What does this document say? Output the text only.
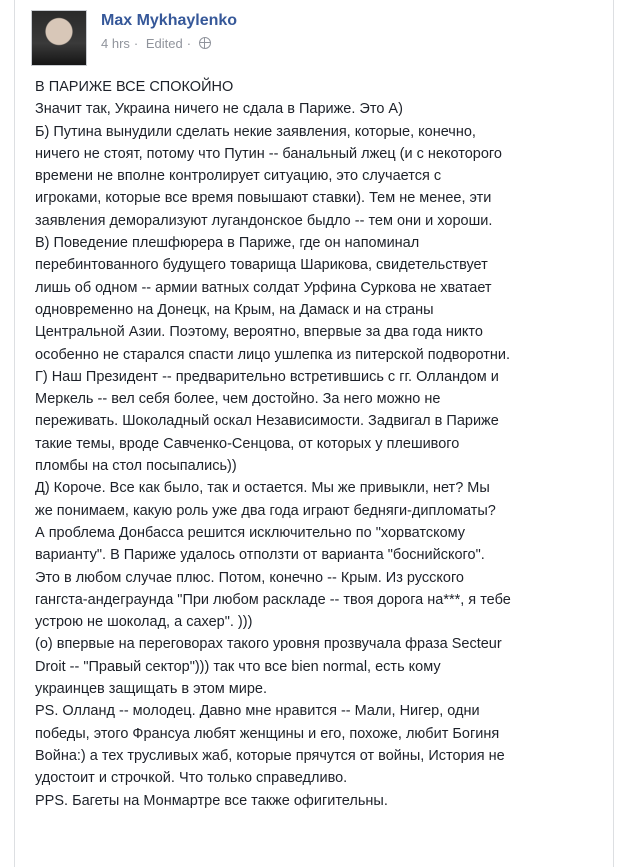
Max Mykhaylenko
4 hrs · Edited ·
В ПАРИЖЕ ВСЕ СПОКОЙНО
Значит так, Украина ничего не сдала в Париже. Это А)
Б) Путина вынудили сделать некие заявления, которые, конечно,
ничего не стоят, потому что Путин -- банальный лжец (и с некоторого
времени не вполне контролирует ситуацию, это случается с
игроками, которые все время повышают ставки). Тем не менее, эти
заявления деморализуют лугандонское быдло -- тем они и хороши.
В) Поведение плешфюрера в Париже, где он напоминал
перебинтованного будущего товарища Шарикова, свидетельствует
лишь об одном -- армии ватных солдат Урфина Суркова не хватает
одновременно на Донецк, на Крым, на Дамаск и на страны
Центральной Азии. Поэтому, вероятно, впервые за два года никто
особенно не старался спасти лицо ушлепка из питерской подворотни.
Г) Наш Президент -- предварительно встретившись с гг. Олландом и
Меркель -- вел себя более, чем достойно. За него можно не
переживать. Шоколадный оскал Независимости. Задвигал в Париже
такие темы, вроде Савченко-Сенцова, от которых у плешивого
пломбы на стол посыпались))
Д) Короче. Все как было, так и остается. Мы же привыкли, нет? Мы
же понимаем, какую роль уже два года играют бедняги-дипломаты?
А проблема Донбасса решится исключительно по "хорватскому
варианту". В Париже удалось отползти от варианта "боснийского".
Это в любом случае плюс. Потом, конечно -- Крым. Из русского
гангста-андеграунда "При любом раскладе -- твоя дорога на***, я тебе
устрою не шоколад, а сахер". )))
(о) впервые на переговорах такого уровня прозвучала фраза Secteur
Droit -- "Правый сектор"))) так что все bien normal, есть кому
украинцев защищать в этом мире.
PS. Олланд -- молодец. Давно мне нравится -- Мали, Нигер, одни
победы, этого Франсуа любят женщины и его, похоже, любит Богиня
Война:) а тех трусливых жаб, которые прячутся от войны, История не
удостоит и строчкой. Что только справедливо.
PPS. Багеты на Монмартре все также офигительны.
